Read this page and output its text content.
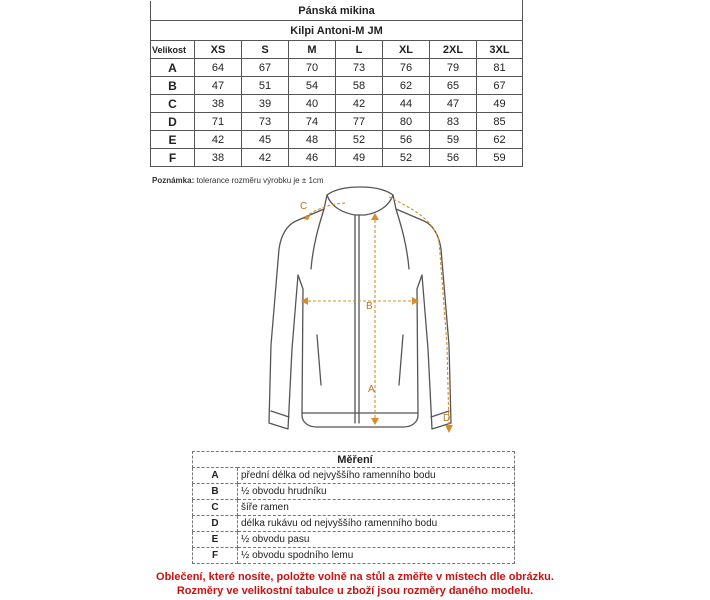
Pánská mikina							
Kilpi Antoni-M JM							
Velikost	XS	S	M	L	XL	2XL	3XL
A	64	67	70	73	76	79	81
B	47	51	54	58	62	65	67
C	38	39	40	42	44	47	49
D	71	73	74	77	80	83	85
E	42	45	48	52	56	59	62
F	38	42	46	49	52	56	59
Poznámka: tolerance rozměru výrobku je ± 1cm
C
B
A
D
Měření	
A	přední délka od nejvyššího ramenního bodu
B	½ obvodu hrudníku
C	šíře ramen
D	délka rukávu od nejvyššího ramenního bodu
E	½ obvodu pasu
F	½ obvodu spodního lemu
Oblečení, které nosíte, položte volně na stůl a změřte v místech dle obrázku.
Rozměry ve velikostní tabulce u zboží jsou rozměry daného modelu.
